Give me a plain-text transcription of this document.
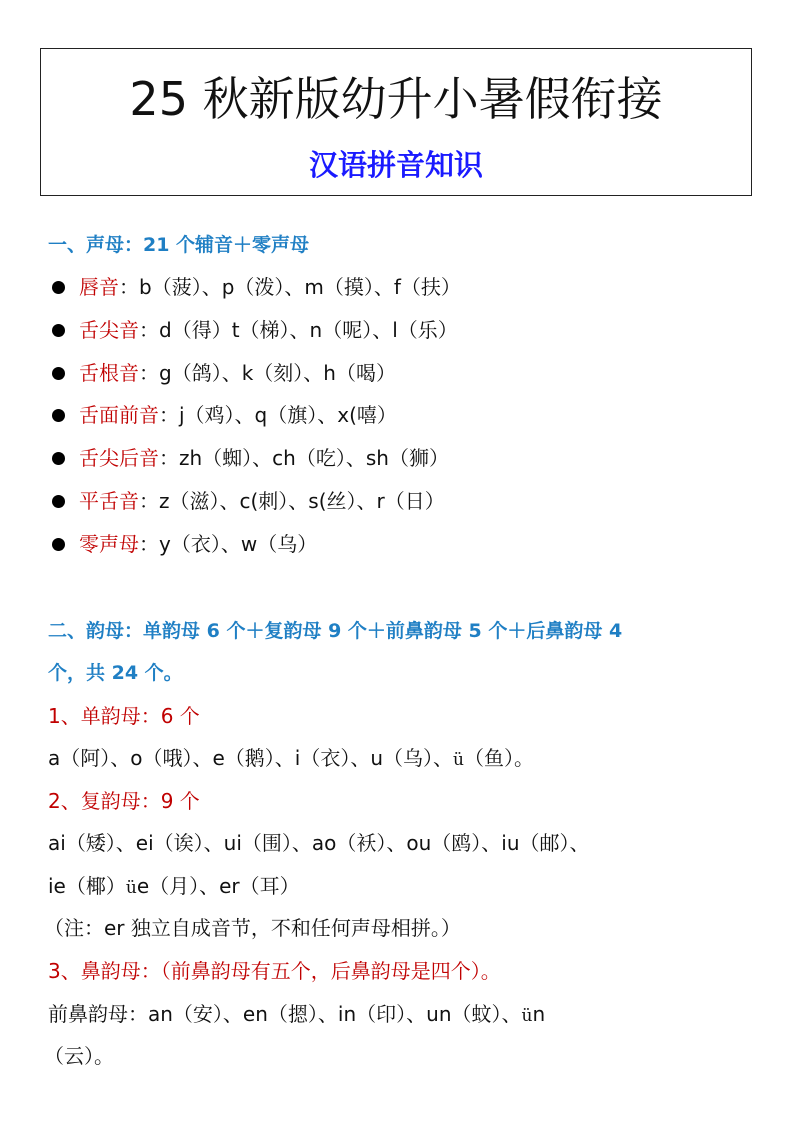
25 秋新版幼升小暑假衔接
汉语拼音知识
一、声母：21 个辅音＋零声母
唇音 ：b（菠）、p（泼）、m（摸）、f（扶）
舌尖音 ：d（得）t（梯）、n（呢）、l（乐）
舌根音 ：g（鸽）、k（刻）、h（喝）
舌面前音 ：j（鸡）、q（旗）、x(嘻）
舌尖后音 ：zh（蜘）、ch（吃）、sh（狮）
平舌音 ：z（滋）、c(刺）、s(丝）、r（日）
零声母 ：y（衣）、w（乌）
二、韵母：单韵母 6 个＋复韵母 9 个＋前鼻韵母 5 个＋后鼻韵母 4
个，共 24 个。
1、单韵母：6 个
a（阿）、o（哦）、e（鹅）、i（衣）、u（乌）、ü（鱼）。
2、复韵母：9 个
ai（矮）、ei（诶）、ui（围）、ao（袄）、ou（鸥）、iu（邮）、
ie（椰）üe（月）、er（耳）
（注：er 独立自成音节，不和任何声母相拼。）
3、鼻韵母：（前鼻韵母有五个，后鼻韵母是四个）。
前鼻韵母：an（安）、en（摁）、in（印）、un（蚊）、ün
（云）。
